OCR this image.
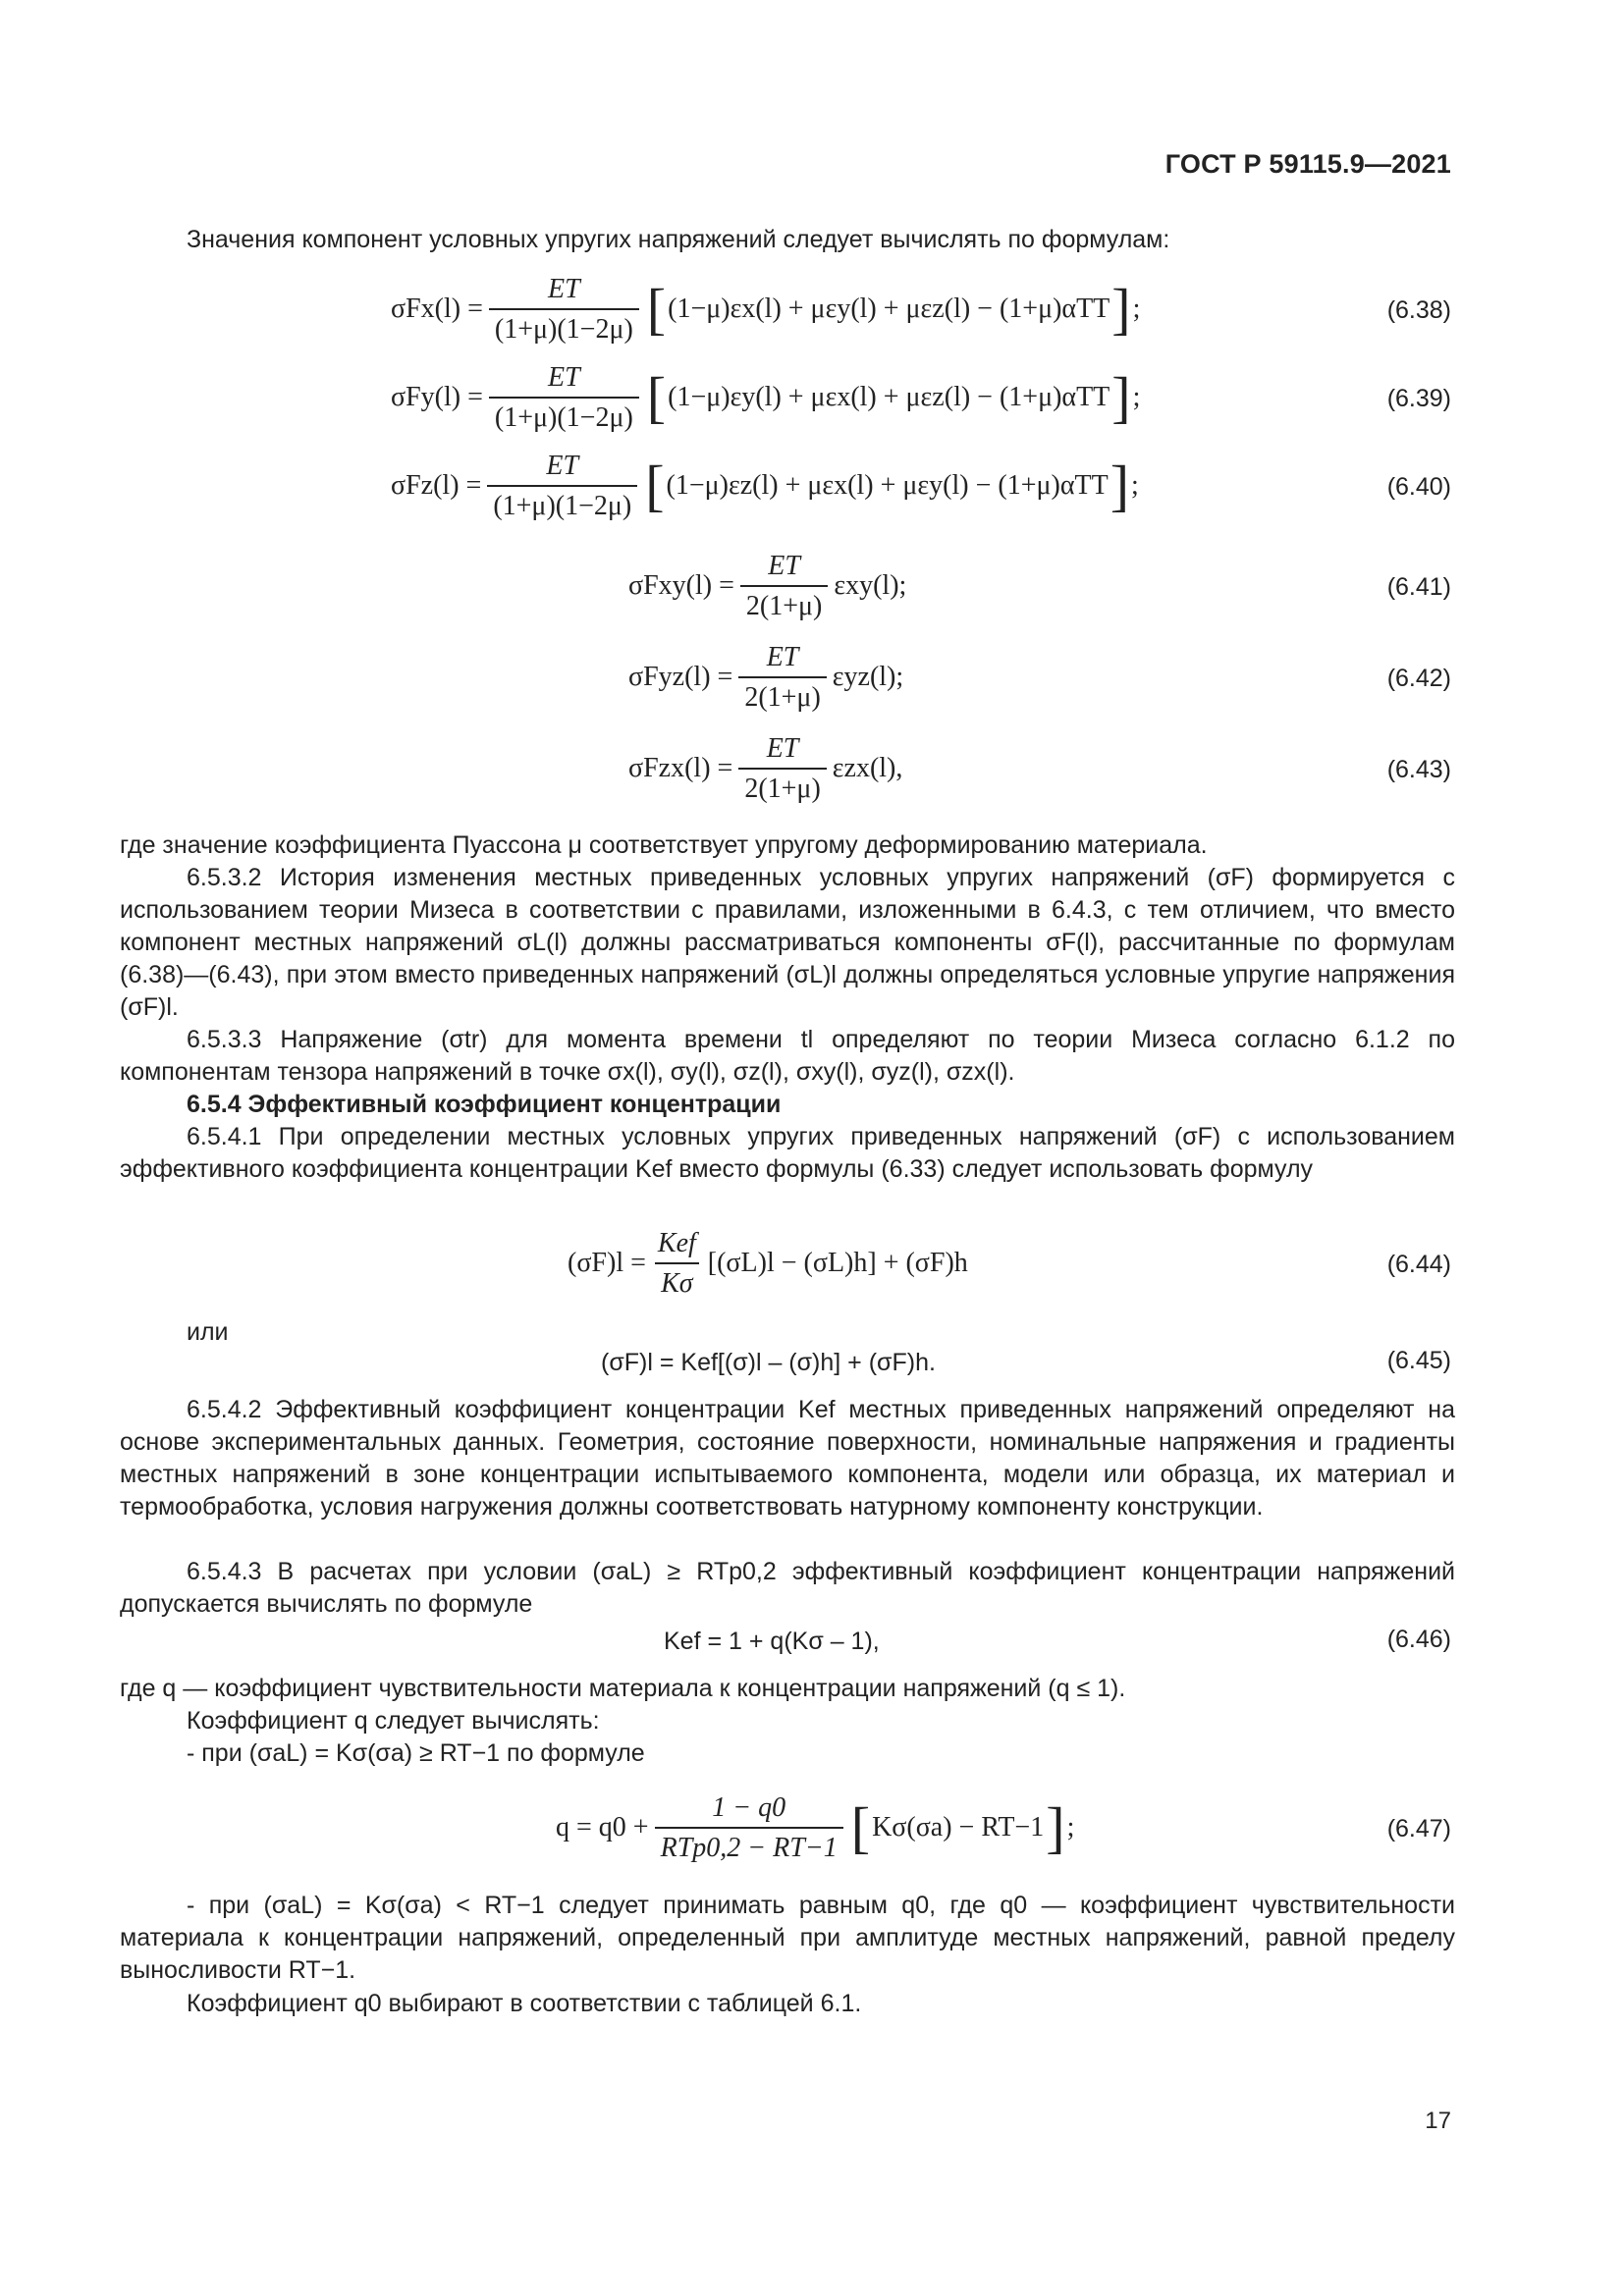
ГОСТ Р 59115.9—2021
Значения компонент условных упругих напряжений следует вычислять по формулам:
$\sigma Fx(l) = \frac{ET}{(1+\mu)(1-2\mu)}$ [ (1−μ)εx(l) + μεy(l) + μεz(l) − (1+μ)αTT ] ;	(6.38)
$\sigma Fy(l) = \frac{ET}{(1+\mu)(1-2\mu)}$ [ (1−μ)εy(l) + μεx(l) + μεz(l) − (1+μ)αTT ] ;	(6.39)
$\sigma Fz(l) = \frac{ET}{(1+\mu)(1-2\mu)}$ [ (1−μ)εz(l) + μεx(l) + μεy(l) − (1+μ)αTT ] ;	(6.40)
$\sigma Fxy(l) = \frac{ET}{2(1+\mu)} \varepsilon xy(l)$;	(6.41)
$\sigma Fyz(l) = \frac{ET}{2(1+\mu)} \varepsilon yz(l)$;	(6.42)
$\sigma Fzx(l) = \frac{ET}{2(1+\mu)} \varepsilon zx(l)$,	(6.43)
где значение коэффициента Пуассона μ соответствует упругому деформированию материала.
6.5.3.2 История изменения местных приведенных условных упругих напряжений (σF) формируется с использованием теории Мизеса в соответствии с правилами, изложенными в 6.4.3, с тем отличием, что вместо компонент местных напряжений σL(l) должны рассматриваться компоненты σF(l), рассчитанные по формулам (6.38)—(6.43), при этом вместо приведенных напряжений (σL)l должны определяться условные упругие напряжения (σF)l.
6.5.3.3 Напряжение (σtr) для момента времени tl определяют по теории Мизеса согласно 6.1.2 по компонентам тензора напряжений в точке σx(l), σy(l), σz(l), σxy(l), σyz(l), σzx(l).
6.5.4 Эффективный коэффициент концентрации
6.5.4.1 При определении местных условных упругих приведенных напряжений (σF) с использованием эффективного коэффициента концентрации Kef вместо формулы (6.33) следует использовать формулу
$(\sigma F)l = \frac{\text{Kef}}{K\sigma} [(\sigma L)l - (\sigma L)h] + (\sigma F)h$	(6.44)
или
(σF)l = Kef[(σ)l – (σ)h] + (σF)h.	(6.45)
6.5.4.2 Эффективный коэффициент концентрации Kef местных приведенных напряжений определяют на основе экспериментальных данных. Геометрия, состояние поверхности, номинальные напряжения и градиенты местных напряжений в зоне концентрации испытываемого компонента, модели или образца, их материал и термообработка, условия нагружения должны соответствовать натурному компоненту конструкции.
6.5.4.3 В расчетах при условии (σaL) ≥ RTp0,2 эффективный коэффициент концентрации напряжений допускается вычислять по формуле
Kef = 1 + q(Kσ – 1),	(6.46)
где q — коэффициент чувствительности материала к концентрации напряжений (q ≤ 1).
Коэффициент q следует вычислять:
- при (σaL) = Kσ(σa) ≥ RT−1 по формуле
$q = q0 + \frac{1 - q0}{\text{RTp0,2 − RT−1}}$ [ Kσ(σa) − RT−1 ] ;	(6.47)
- при (σaL) = Kσ(σa) < RT−1 следует принимать равным q0, где q0 — коэффициент чувствительности материала к концентрации напряжений, определенный при амплитуде местных напряжений, равной пределу выносливости RT−1.
Коэффициент q0 выбирают в соответствии с таблицей 6.1.
17
